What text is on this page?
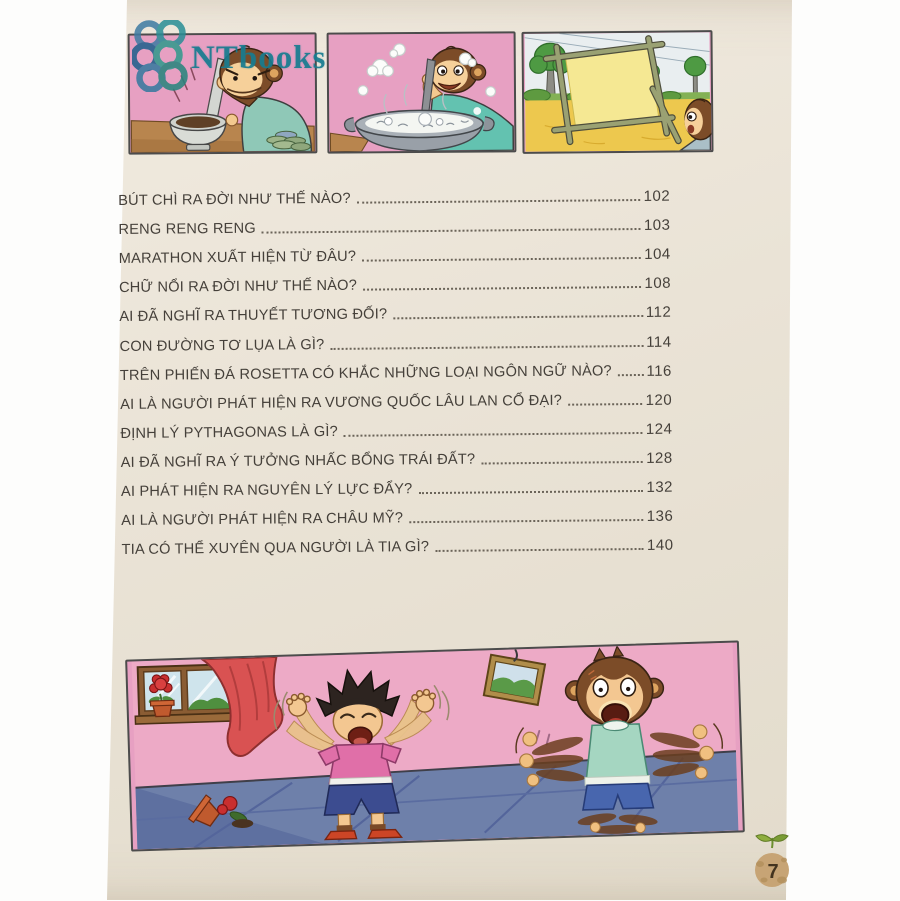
NTbooks
BÚT CHÌ RA ĐỜI NHƯ THẾ NÀO?	102
RENG RENG RENG	103
MARATHON XUẤT HIỆN TỪ ĐÂU?	104
CHỮ NỔI RA ĐỜI NHƯ THẾ NÀO?	108
AI ĐÃ NGHĨ RA THUYẾT TƯƠNG ĐỐI?	112
CON ĐƯỜNG TƠ LỤA LÀ GÌ?	114
TRÊN PHIẾN ĐÁ ROSETTA CÓ KHẮC NHỮNG LOẠI NGÔN NGỮ NÀO? 116
AI LÀ NGƯỜI PHÁT HIỆN RA VƯƠNG QUỐC LÂU LAN CỔ ĐẠI?	120
ĐỊNH LÝ PYTHAGONAS LÀ GÌ?	124
AI ĐÃ NGHĨ RA Ý TƯỞNG NHẤC BỔNG TRÁI ĐẤT?	128
AI PHÁT HIỆN RA NGUYÊN LÝ LỰC ĐẨY?	132
AI LÀ NGƯỜI PHÁT HIỆN RA CHÂU MỸ?	136
TIA CÓ THỂ XUYÊN QUA NGƯỜI LÀ TIA GÌ?	140
7
